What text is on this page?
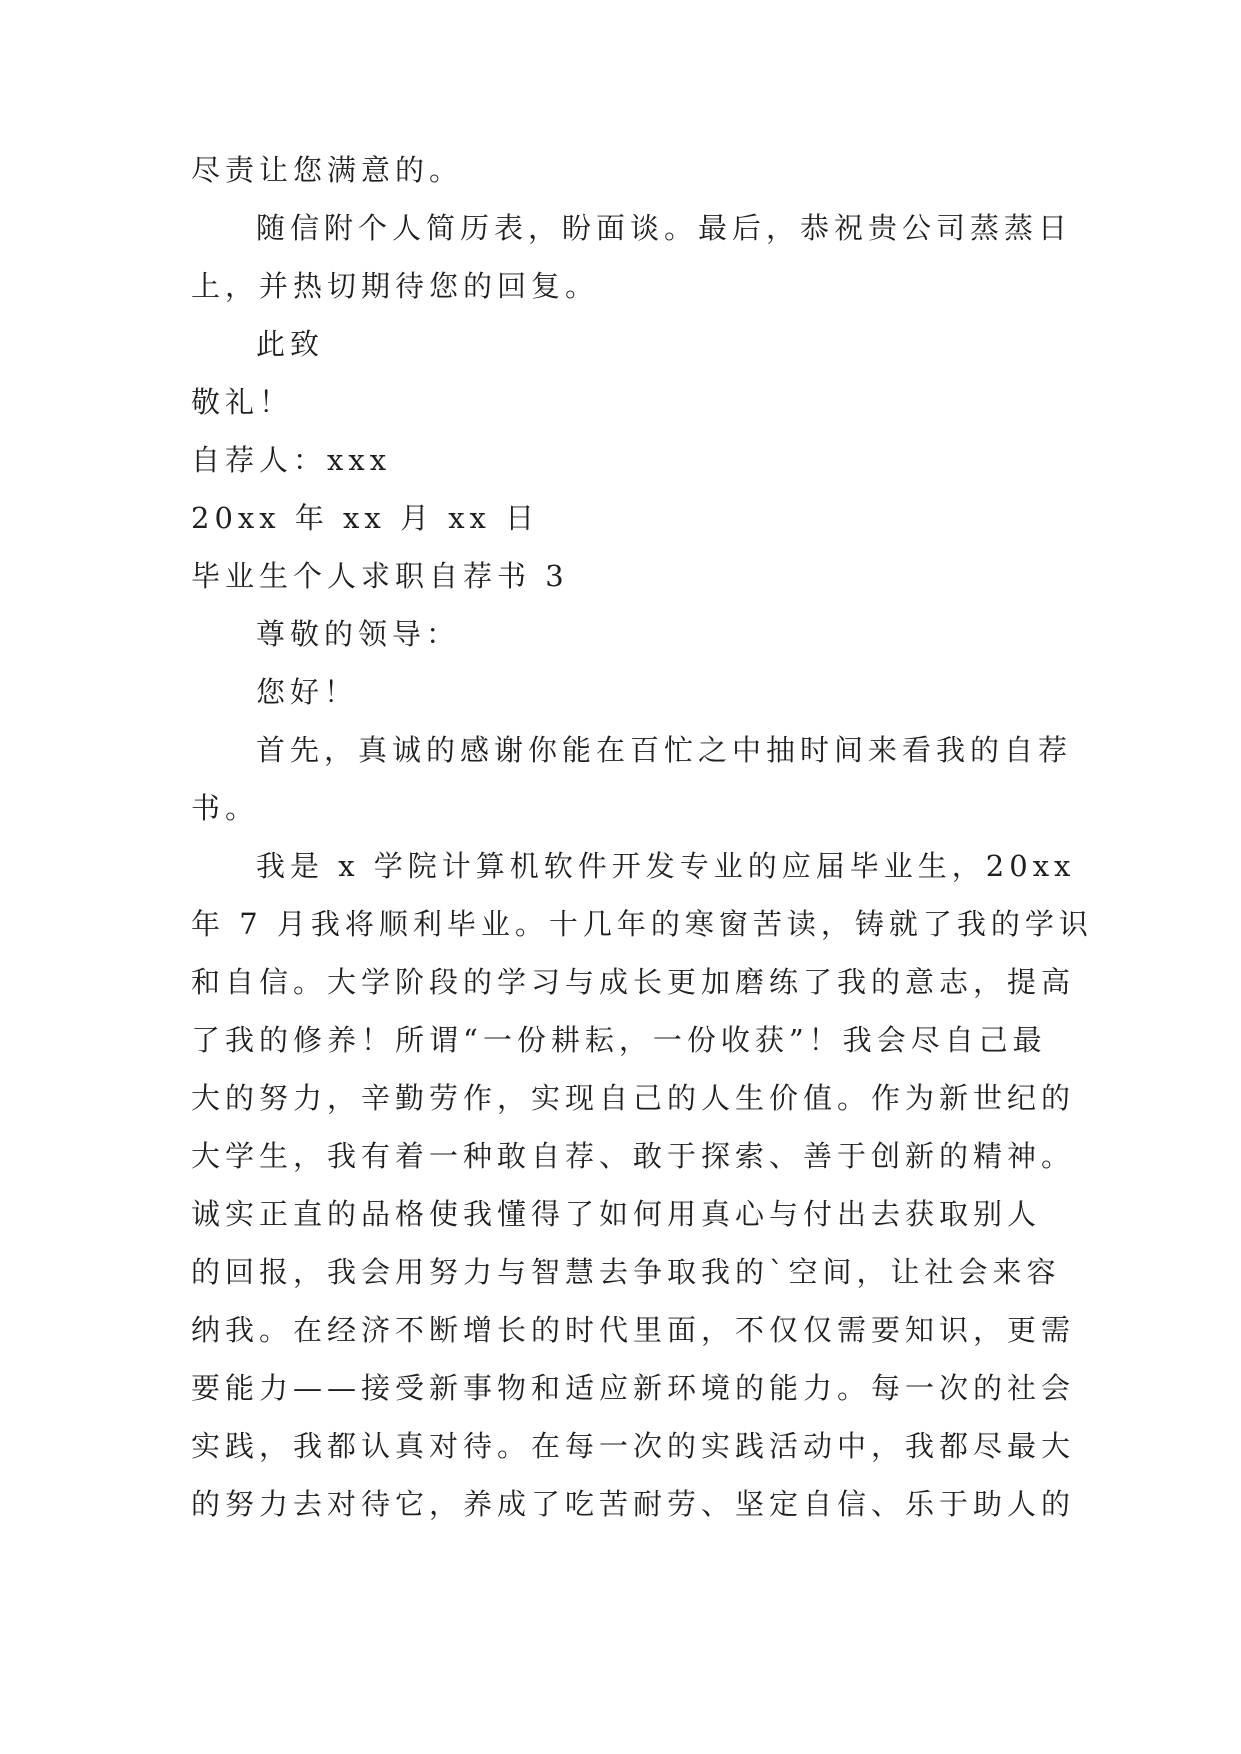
尽责让您满意的。
随信附个人简历表，盼面谈。最后，恭祝贵公司蒸蒸日
上，并热切期待您的回复。
此致
敬礼！
自荐人：xxx
20xx 年 xx 月 xx 日
毕业生个人求职自荐书 3
尊敬的领导：
您好！
首先，真诚的感谢你能在百忙之中抽时间来看我的自荐
书。
我是 x 学院计算机软件开发专业的应届毕业生，20xx
年 7 月我将顺利毕业。十几年的寒窗苦读，铸就了我的学识
和自信。大学阶段的学习与成长更加磨练了我的意志，提高
了我的修养！所谓“一份耕耘，一份收获”！我会尽自己最
大的努力，辛勤劳作，实现自己的人生价值。作为新世纪的
大学生，我有着一种敢自荐、敢于探索、善于创新的精神。
诚实正直的品格使我懂得了如何用真心与付出去获取别人
的回报，我会用努力与智慧去争取我的`空间，让社会来容
纳我。在经济不断增长的时代里面，不仅仅需要知识，更需
要能力——接受新事物和适应新环境的能力。每一次的社会
实践，我都认真对待。在每一次的实践活动中，我都尽最大
的努力去对待它，养成了吃苦耐劳、坚定自信、乐于助人的
